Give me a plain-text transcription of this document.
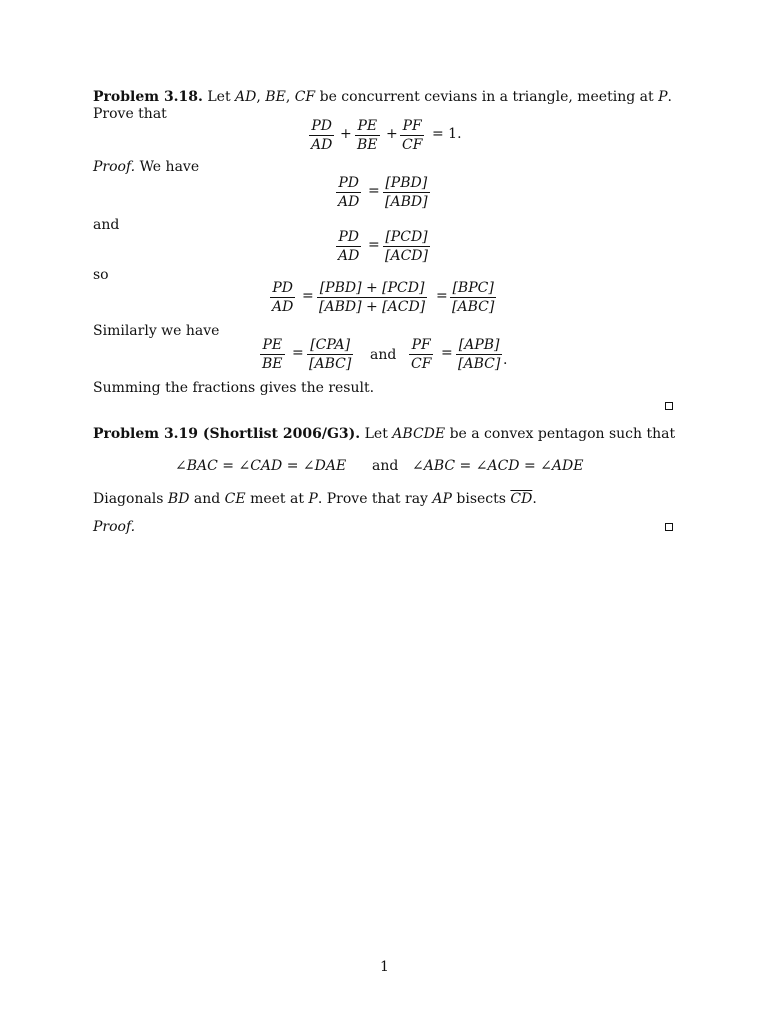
Problem 3.18. Let AD, BE, CF be concurrent cevians in a triangle, meeting at P.
Prove that
$\frac{PD}{AD} + \frac{PE}{BE} + \frac{PF}{CF} = 1$.
Proof. We have
$\frac{PD}{AD} = [PBD]$
[ABD]
and
$\frac{PD}{AD} = [PCD]$
[ACD]
so
$\frac{PD}{AD} = [PBD] + [PCD]$
[ABD] + [ACD]
= [BPC]
[ABC]
Similarly we have
$\frac{PE}{BE} = [CPA]$
[ABC]
and $\frac{PF}{CF} = [APB]$
[ABC] .
Summing the fractions gives the result.
Problem 3.19 (Shortlist 2006/G3). Let ABCDE be a convex pentagon such that
∠BAC = ∠CAD = ∠DAE and ∠ABC = ∠ACD = ∠ADE
Diagonals BD and CE meet at P. Prove that ray AP bisects $\overline{CD}$.
Proof.
1
